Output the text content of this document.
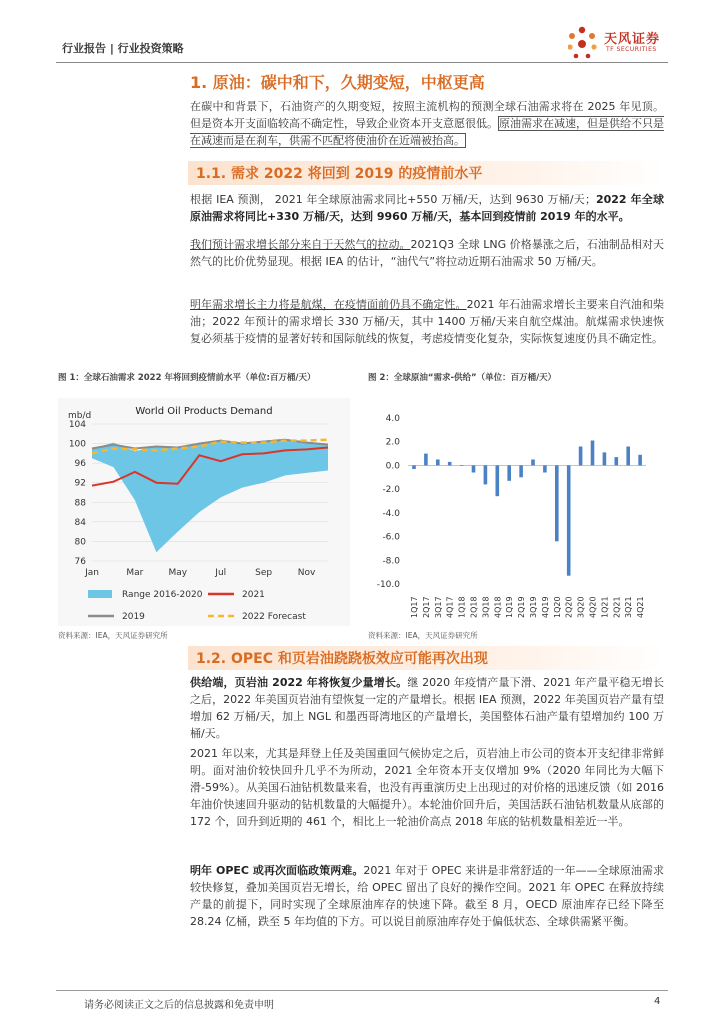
行业报告 | 行业投资策略
天风证券
TF SECURITIES
1. 原油：碳中和下，久期变短，中枢更高
在碳中和背景下，石油资产的久期变短，按照主流机构的预测全球石油需求将在 2025 年见顶。但是资本开支面临较高不确定性，导致企业资本开支意愿很低。原油需求在减速，但是供给不只是在减速而是在刹车，供需不匹配将使油价在近端被抬高。
1.1. 需求 2022 将回到 2019 的疫情前水平
根据 IEA 预测， 2021 年全球原油需求同比+550 万桶/天，达到 9630 万桶/天；2022 年全球原油需求将同比+330 万桶/天，达到 9960 万桶/天，基本回到疫情前 2019 年的水平。
我们预计需求增长部分来自于天然气的拉动。2021Q3 全球 LNG 价格暴涨之后，石油制品相对天然气的比价优势显现。根据 IEA 的估计，“油代气”将拉动近期石油需求 50 万桶/天。
明年需求增长主力将是航煤，在疫情面前仍具不确定性。2021 年石油需求增长主要来自汽油和柴油；2022 年预计的需求增长 330 万桶/天，其中 1400 万桶/天来自航空煤油。航煤需求快速恢复必须基于疫情的显著好转和国际航线的恢复，考虑疫情变化复杂，实际恢复速度仍具不确定性。
图 1：全球石油需求 2022 年将回到疫情前水平（单位:百万桶/天）	图 2：全球原油“需求-供给”（单位：百万桶/天）
World Oil Products Demand
mb/d
104
100
96
92
88
84
80
76
Jan	Mar	May	Jul	Sep	Nov
Range 2016-2020	2021
2019	2022 Forecast
资料来源：IEA，天风证券研究所
4.0
2.0
0.0
-2.0
-4.0
-6.0
-8.0
-10.0
1Q17 2Q17 3Q17 4Q17 1Q18 2Q18 3Q18 4Q18 1Q19 2Q19 3Q19 4Q19 1Q20 2Q20 3Q20 4Q20 1Q21 2Q21 3Q21 4Q21
资料来源：IEA，天风证券研究所
1.2. OPEC 和页岩油跷跷板效应可能再次出现
供给端，页岩油 2022 年将恢复少量增长。继 2020 年疫情产量下滑、2021 年产量平稳无增长之后，2022 年美国页岩油有望恢复一定的产量增长。根据 IEA 预测，2022 年美国页岩产量有望增加 62 万桶/天，加上 NGL 和墨西哥湾地区的产量增长，美国整体石油产量有望增加约 100 万桶/天。
2021 年以来，尤其是拜登上任及美国重回气候协定之后，页岩油上市公司的资本开支纪律非常鲜明。面对油价较快回升几乎不为所动，2021 全年资本开支仅增加 9%（2020 年同比为大幅下滑-59%）。从美国石油钻机数量来看，也没有再重演历史上出现过的对价格的迅速反馈（如 2016 年油价快速回升驱动的钻机数量的大幅提升）。本轮油价回升后，美国活跃石油钻机数量从底部的 172 个，回升到近期的 461 个，相比上一轮油价高点 2018 年底的钻机数量相差近一半。
明年 OPEC 或再次面临政策两难。2021 年对于 OPEC 来讲是非常舒适的一年——全球原油需求较快修复，叠加美国页岩无增长，给 OPEC 留出了良好的操作空间。2021 年 OPEC 在释放持续产量的前提下，同时实现了全球原油库存的快速下降。截至 8 月，OECD 原油库存已经下降至 28.24 亿桶，跌至 5 年均值的下方。可以说目前原油库存处于偏低状态、全球供需紧平衡。
请务必阅读正文之后的信息披露和免责申明	4
